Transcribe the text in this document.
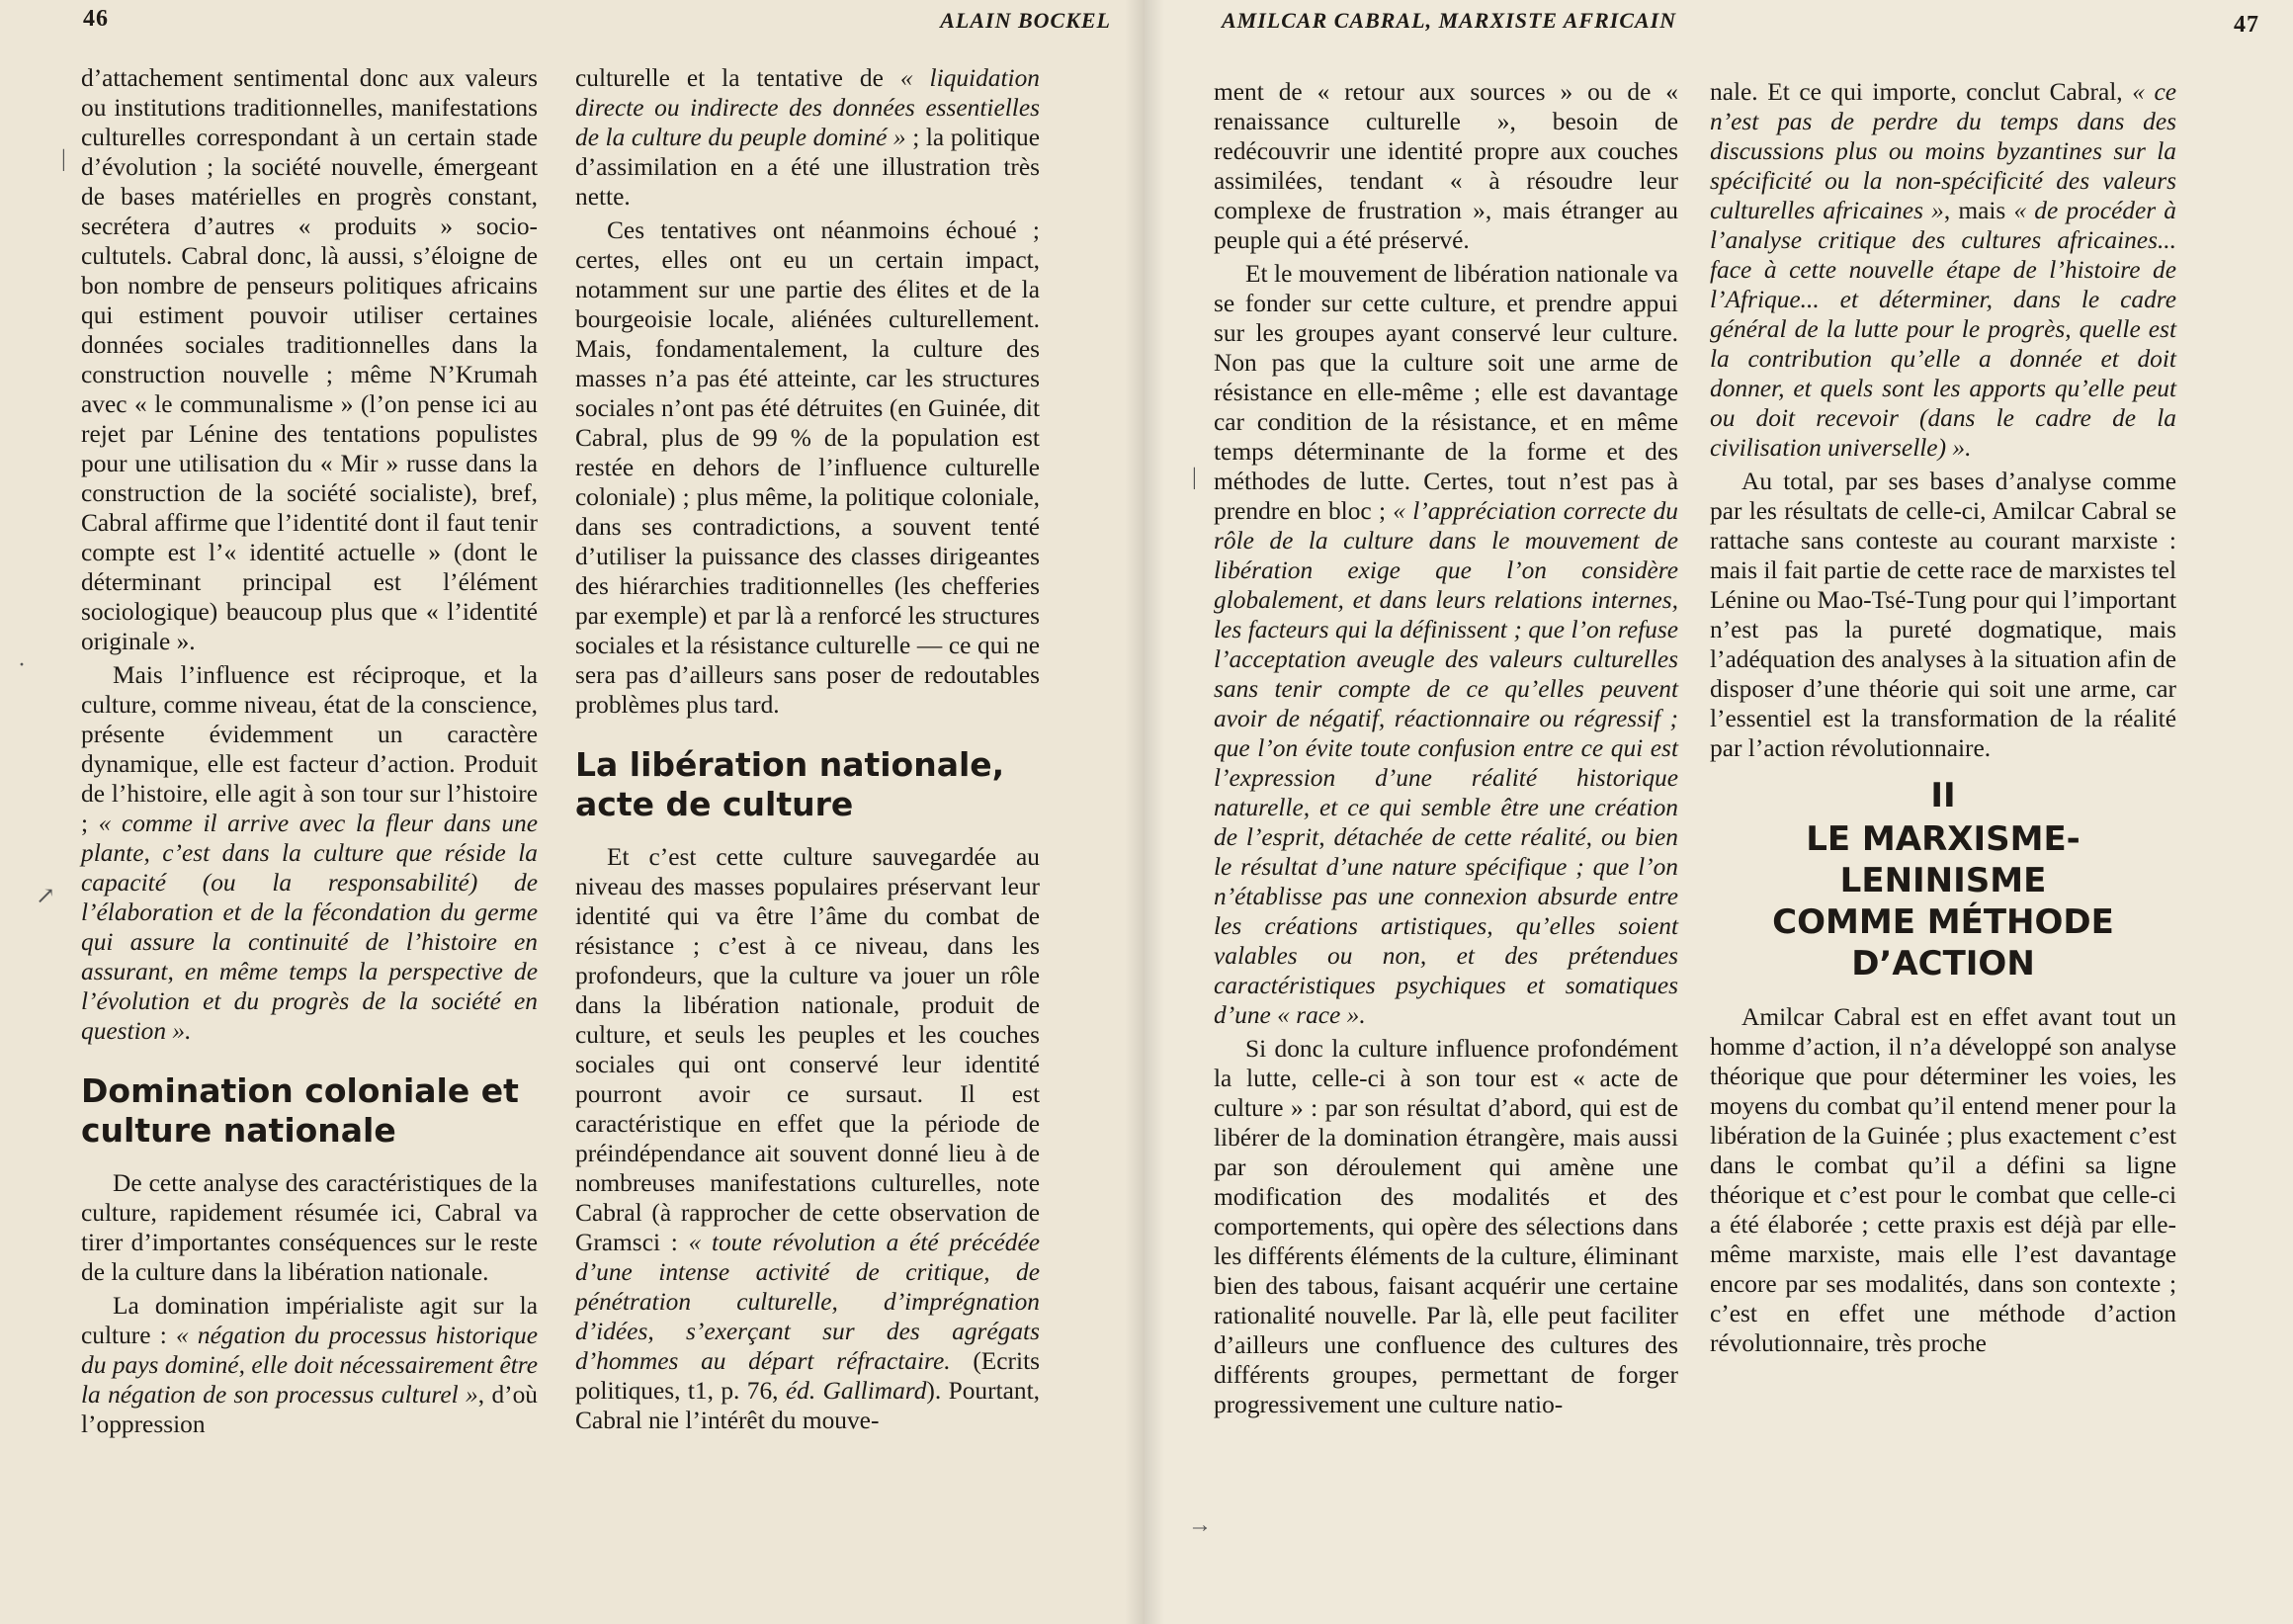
46	ALAIN BOCKEL

d’attachement sentimental donc aux valeurs ou institutions traditionnelles, manifestations culturelles correspondant à un certain stade d’évolution ; la société nouvelle, émergeant de bases matérielles en progrès constant, secrétera d’autres « produits » socio-cultutels. Cabral donc, là aussi, s’éloigne de bon nombre de penseurs politiques africains qui estiment pouvoir utiliser certaines données sociales traditionnelles dans la construction nouvelle ; même N’Krumah avec « le communalisme » (l’on pense ici au rejet par Lénine des tentations populistes pour une utilisation du « Mir » russe dans la construction de la société socialiste), bref, Cabral affirme que l’identité dont il faut tenir compte est l’« identité actuelle » (dont le déterminant principal est l’élément sociologique) beaucoup plus que « l’identité originale ».

Mais l’influence est réciproque, et la culture, comme niveau, état de la conscience, présente évidemment un caractère dynamique, elle est facteur d’action. Produit de l’histoire, elle agit à son tour sur l’histoire ; « comme il arrive avec la fleur dans une plante, c’est dans la culture que réside la capacité (ou la responsabilité) de l’élaboration et de la fécondation du germe qui assure la continuité de l’histoire en assurant, en même temps la perspective de l’évolution et du progrès de la société en question ».

Domination coloniale et culture nationale

De cette analyse des caractéristiques de la culture, rapidement résumée ici, Cabral va tirer d’importantes conséquences sur le reste de la culture dans la libération nationale.

La domination impérialiste agit sur la culture : « négation du processus historique du pays dominé, elle doit nécessairement être la négation de son processus culturel », d’où l’oppression

culturelle et la tentative de « liquidation directe ou indirecte des données essentielles de la culture du peuple dominé » ; la politique d’assimilation en a été une illustration très nette.

Ces tentatives ont néanmoins échoué ; certes, elles ont eu un certain impact, notamment sur une partie des élites et de la bourgeoisie locale, aliénées culturellement. Mais, fondamentalement, la culture des masses n’a pas été atteinte, car les structures sociales n’ont pas été détruites (en Guinée, dit Cabral, plus de 99 % de la population est restée en dehors de l’influence culturelle coloniale) ; plus même, la politique coloniale, dans ses contradictions, a souvent tenté d’utiliser la puissance des classes dirigeantes des hiérarchies traditionnelles (les chefferies par exemple) et par là a renforcé les structures sociales et la résistance culturelle — ce qui ne sera pas d’ailleurs sans poser de redoutables problèmes plus tard.

La libération nationale, acte de culture

Et c’est cette culture sauvegardée au niveau des masses populaires préservant leur identité qui va être l’âme du combat de résistance ; c’est à ce niveau, dans les profondeurs, que la culture va jouer un rôle dans la libération nationale, produit de culture, et seuls les peuples et les couches sociales qui ont conservé leur identité pourront avoir ce sursaut. Il est caractéristique en effet que la période de préindépendance ait souvent donné lieu à de nombreuses manifestations culturelles, note Cabral (à rapprocher de cette observation de Gramsci : « toute révolution a été précédée d’une intense activité de critique, de pénétration culturelle, d’imprégnation d’idées, s’exerçant sur des agrégats d’hommes au départ réfractaire. (Ecrits politiques, t1, p. 76, éd. Gallimard). Pourtant, Cabral nie l’intérêt du mouve-

|
·
↗
AMILCAR CABRAL, MARXISTE AFRICAIN	47

ment de « retour aux sources » ou de « renaissance culturelle », besoin de redécouvrir une identité propre aux couches assimilées, tendant « à résoudre leur complexe de frustration », mais étranger au peuple qui a été préservé.

Et le mouvement de libération nationale va se fonder sur cette culture, et prendre appui sur les groupes ayant conservé leur culture. Non pas que la culture soit une arme de résistance en elle-même ; elle est davantage car condition de la résistance, et en même temps déterminante de la forme et des méthodes de lutte. Certes, tout n’est pas à prendre en bloc ; « l’appréciation correcte du rôle de la culture dans le mouvement de libération exige que l’on considère globalement, et dans leurs relations internes, les facteurs qui la définissent ; que l’on refuse l’acceptation aveugle des valeurs culturelles sans tenir compte de ce qu’elles peuvent avoir de négatif, réactionnaire ou régressif ; que l’on évite toute confusion entre ce qui est l’expression d’une réalité historique naturelle, et ce qui semble être une création de l’esprit, détachée de cette réalité, ou bien le résultat d’une nature spécifique ; que l’on n’établisse pas une connexion absurde entre les créations artistiques, qu’elles soient valables ou non, et des prétendues caractéristiques psychiques et somatiques d’une « race ».

Si donc la culture influence profondément la lutte, celle-ci à son tour est « acte de culture » : par son résultat d’abord, qui est de libérer de la domination étrangère, mais aussi par son déroulement qui amène une modification des modalités et des comportements, qui opère des sélections dans les différents éléments de la culture, éliminant bien des tabous, faisant acquérir une certaine rationalité nouvelle. Par là, elle peut faciliter d’ailleurs une confluence des cultures des différents groupes, permettant de forger progressivement une culture natio-

nale. Et ce qui importe, conclut Cabral, « ce n’est pas de perdre du temps dans des discussions plus ou moins byzantines sur la spécificité ou la non-spécificité des valeurs culturelles africaines », mais « de procéder à l’analyse critique des cultures africaines... face à cette nouvelle étape de l’histoire de l’Afrique... et déterminer, dans le cadre général de la lutte pour le progrès, quelle est la contribution qu’elle a donnée et doit donner, et quels sont les apports qu’elle peut ou doit recevoir (dans le cadre de la civilisation universelle) ».

Au total, par ses bases d’analyse comme par les résultats de celle-ci, Amilcar Cabral se rattache sans conteste au courant marxiste : mais il fait partie de cette race de marxistes tel Lénine ou Mao-Tsé-Tung pour qui l’important n’est pas la pureté dogmatique, mais l’adéquation des analyses à la situation afin de disposer d’une théorie qui soit une arme, car l’essentiel est la transformation de la réalité par l’action révolutionnaire.

II
LE MARXISME-LENINISME
COMME MÉTHODE
D’ACTION

Amilcar Cabral est en effet avant tout un homme d’action, il n’a développé son analyse théorique que pour déterminer les voies, les moyens du combat qu’il entend mener pour la libération de la Guinée ; plus exactement c’est dans le combat qu’il a défini sa ligne théorique et c’est pour le combat que celle-ci a été élaborée ; cette praxis est déjà par elle-même marxiste, mais elle l’est davantage encore par ses modalités, dans son contexte ; c’est en effet une méthode d’action révolutionnaire, très proche

|
→
